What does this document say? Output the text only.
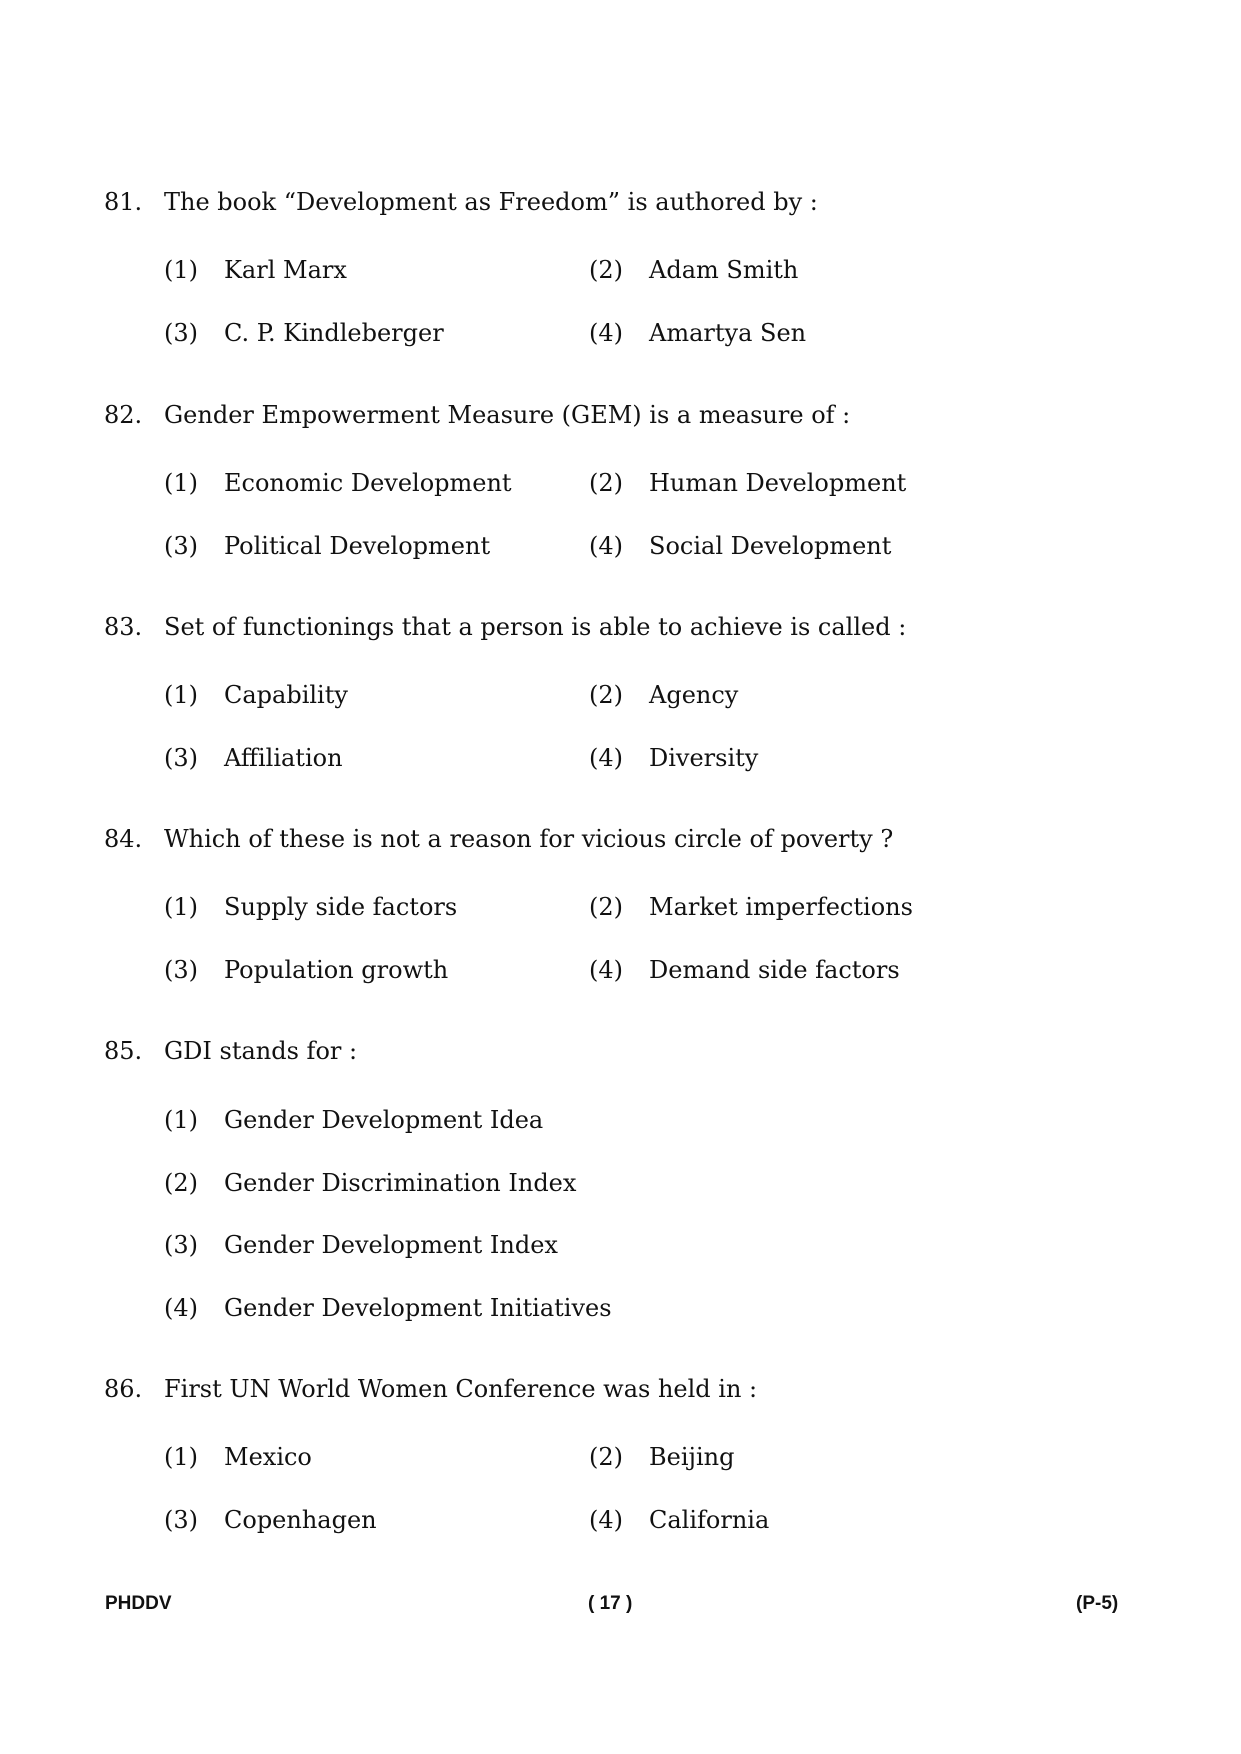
81. The book “Development as Freedom” is authored by :
(1) Karl Marx	(2) Adam Smith
(3) C. P. Kindleberger	(4) Amartya Sen
82. Gender Empowerment Measure (GEM) is a measure of :
(1) Economic Development	(2) Human Development
(3) Political Development	(4) Social Development
83. Set of functionings that a person is able to achieve is called :
(1) Capability	(2) Agency
(3) Affiliation	(4) Diversity
84. Which of these is not a reason for vicious circle of poverty ?
(1) Supply side factors	(2) Market imperfections
(3) Population growth	(4) Demand side factors
85. GDI stands for :
(1) Gender Development Idea
(2) Gender Discrimination Index
(3) Gender Development Index
(4) Gender Development Initiatives
86. First UN World Women Conference was held in :
(1) Mexico	(2) Beijing
(3) Copenhagen	(4) California
PHDDV	( 17 )	(P-5)
